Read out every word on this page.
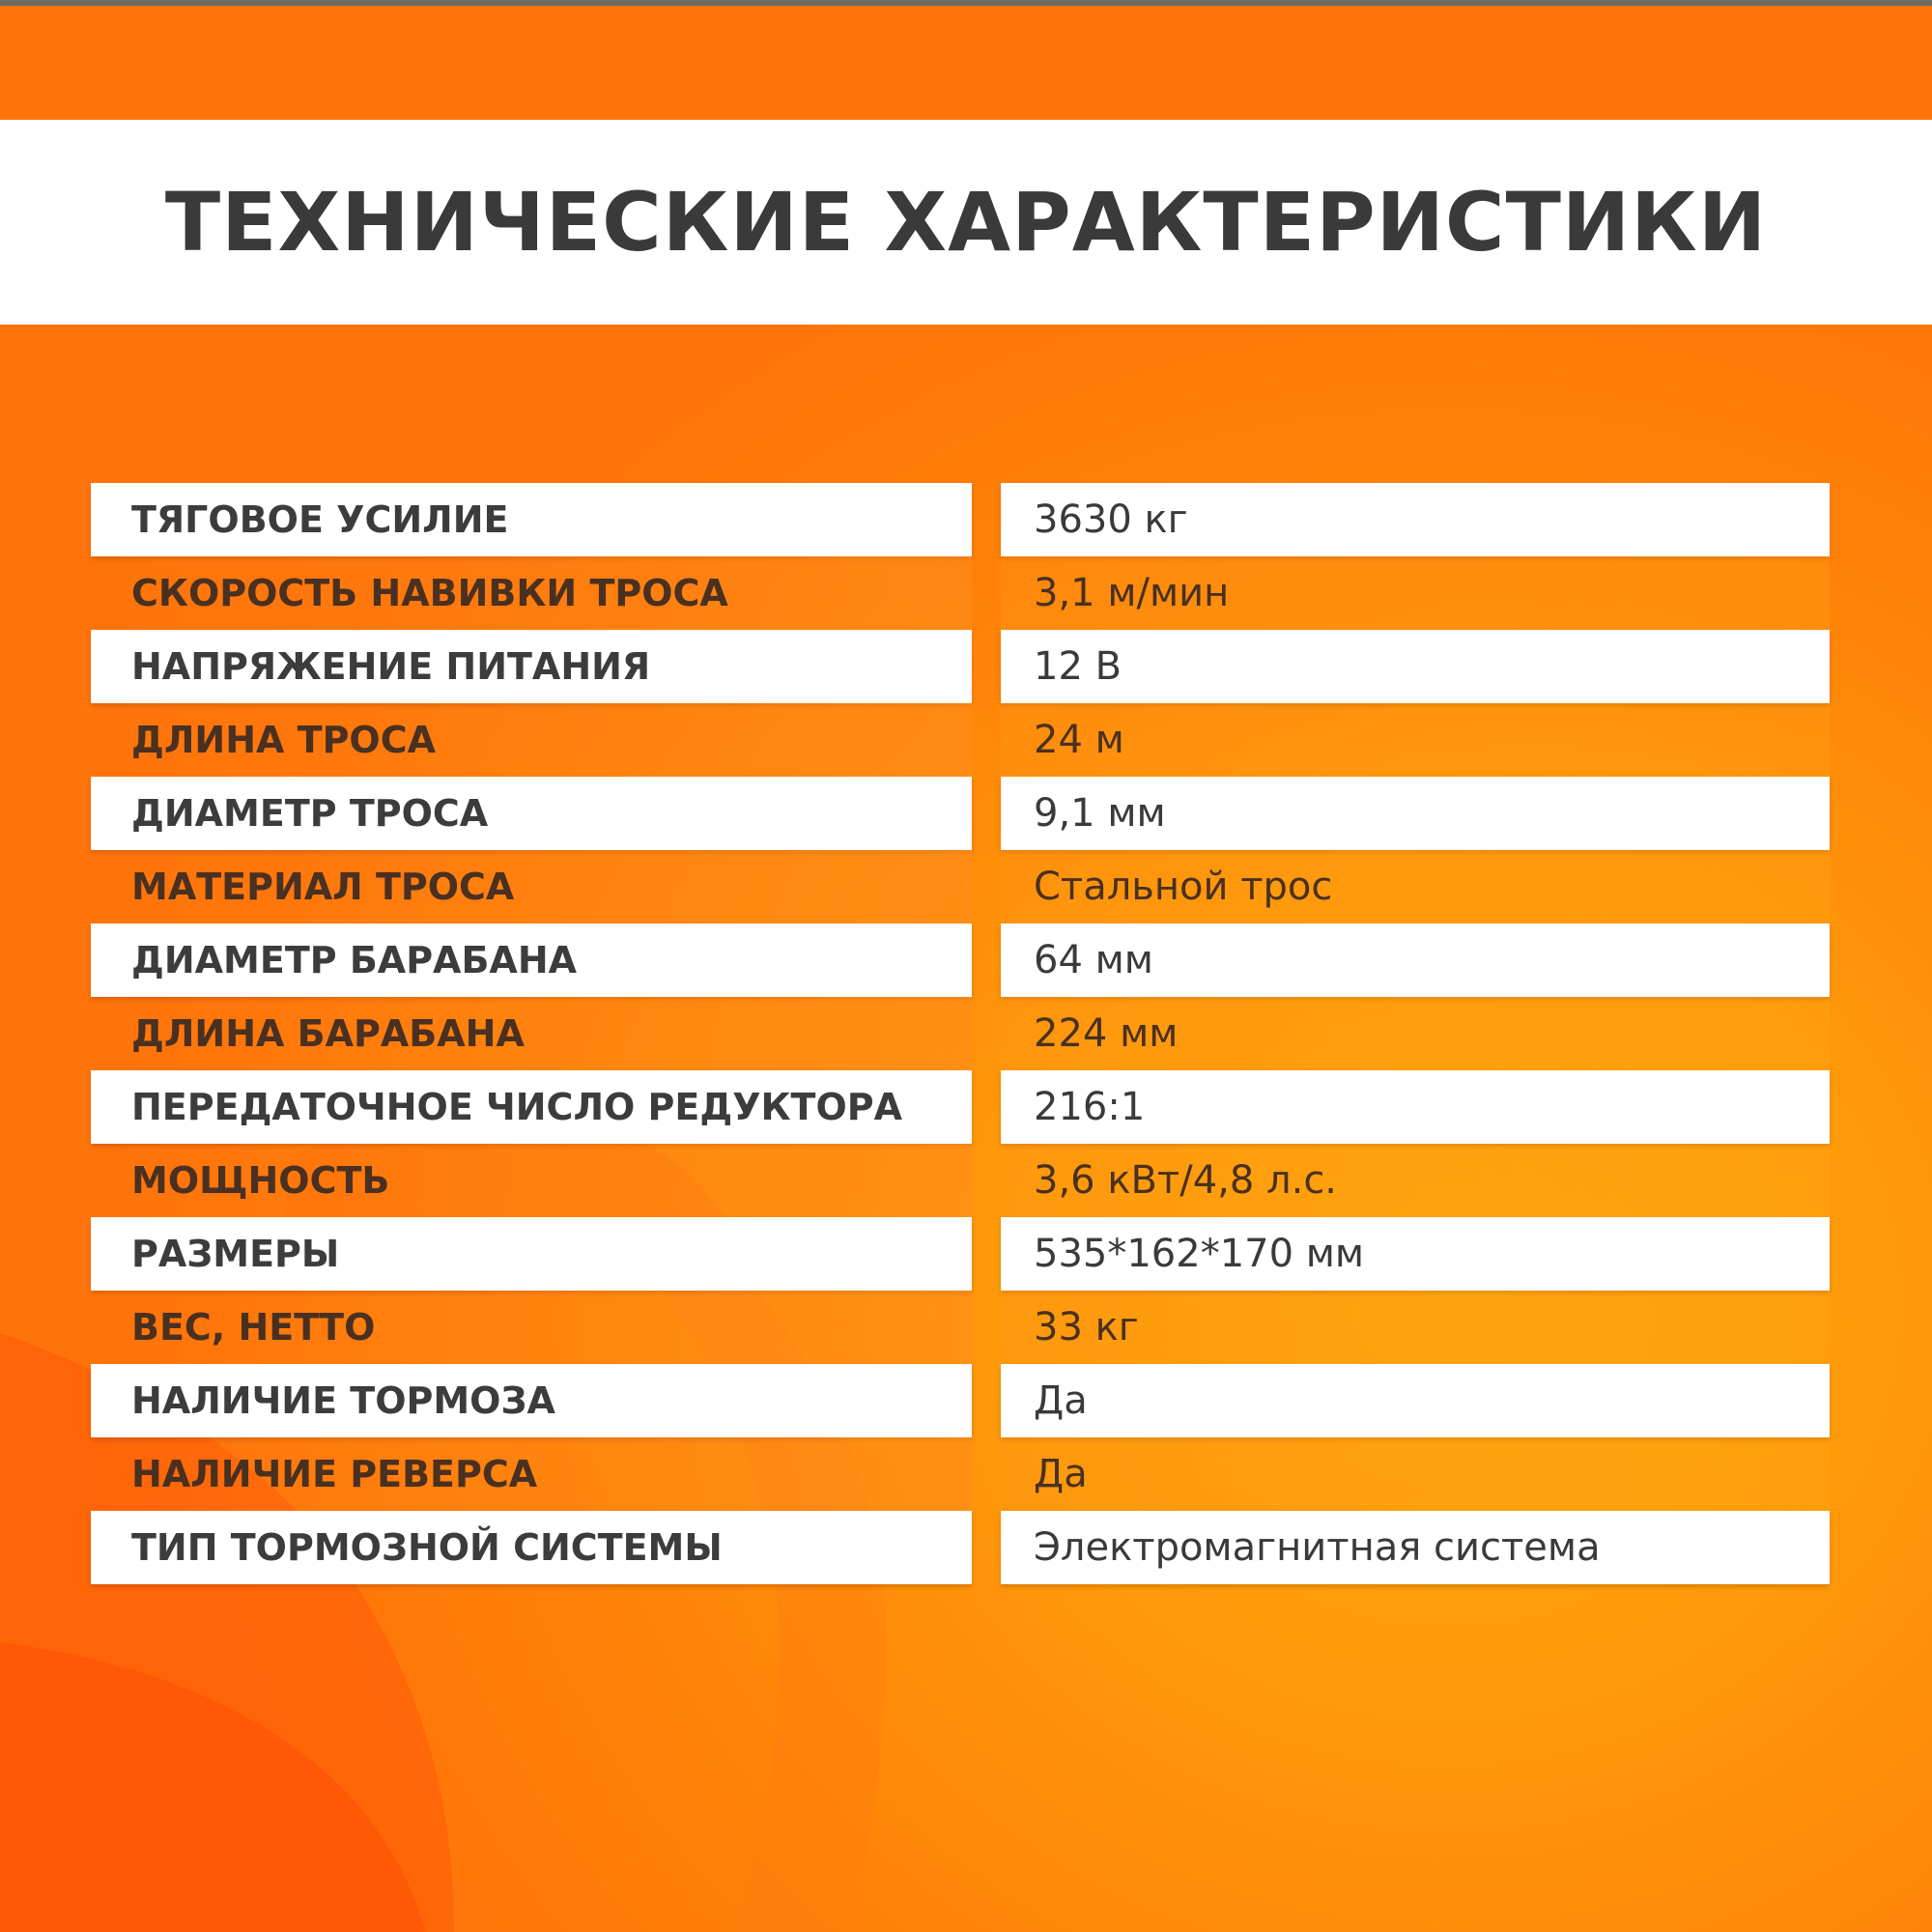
ТЕХНИЧЕСКИЕ ХАРАКТЕРИСТИКИ
ТЯГОВОЕ УСИЛИЕ	3630 кг
СКОРОСТЬ НАВИВКИ ТРОСА	3,1 м/мин
НАПРЯЖЕНИЕ ПИТАНИЯ	12 В
ДЛИНА ТРОСА	24 м
ДИАМЕТР ТРОСА	9,1 мм
МАТЕРИАЛ ТРОСА	Стальной трос
ДИАМЕТР БАРАБАНА	64 мм
ДЛИНА БАРАБАНА	224 мм
ПЕРЕДАТОЧНОЕ ЧИСЛО РЕДУКТОРА	216:1
МОЩНОСТЬ	3,6 кВт/4,8 л.с.
РАЗМЕРЫ	535*162*170 мм
ВЕС, НЕТТО	33 кг
НАЛИЧИЕ ТОРМОЗА	Да
НАЛИЧИЕ РЕВЕРСА	Да
ТИП ТОРМОЗНОЙ СИСТЕМЫ	Электромагнитная система
